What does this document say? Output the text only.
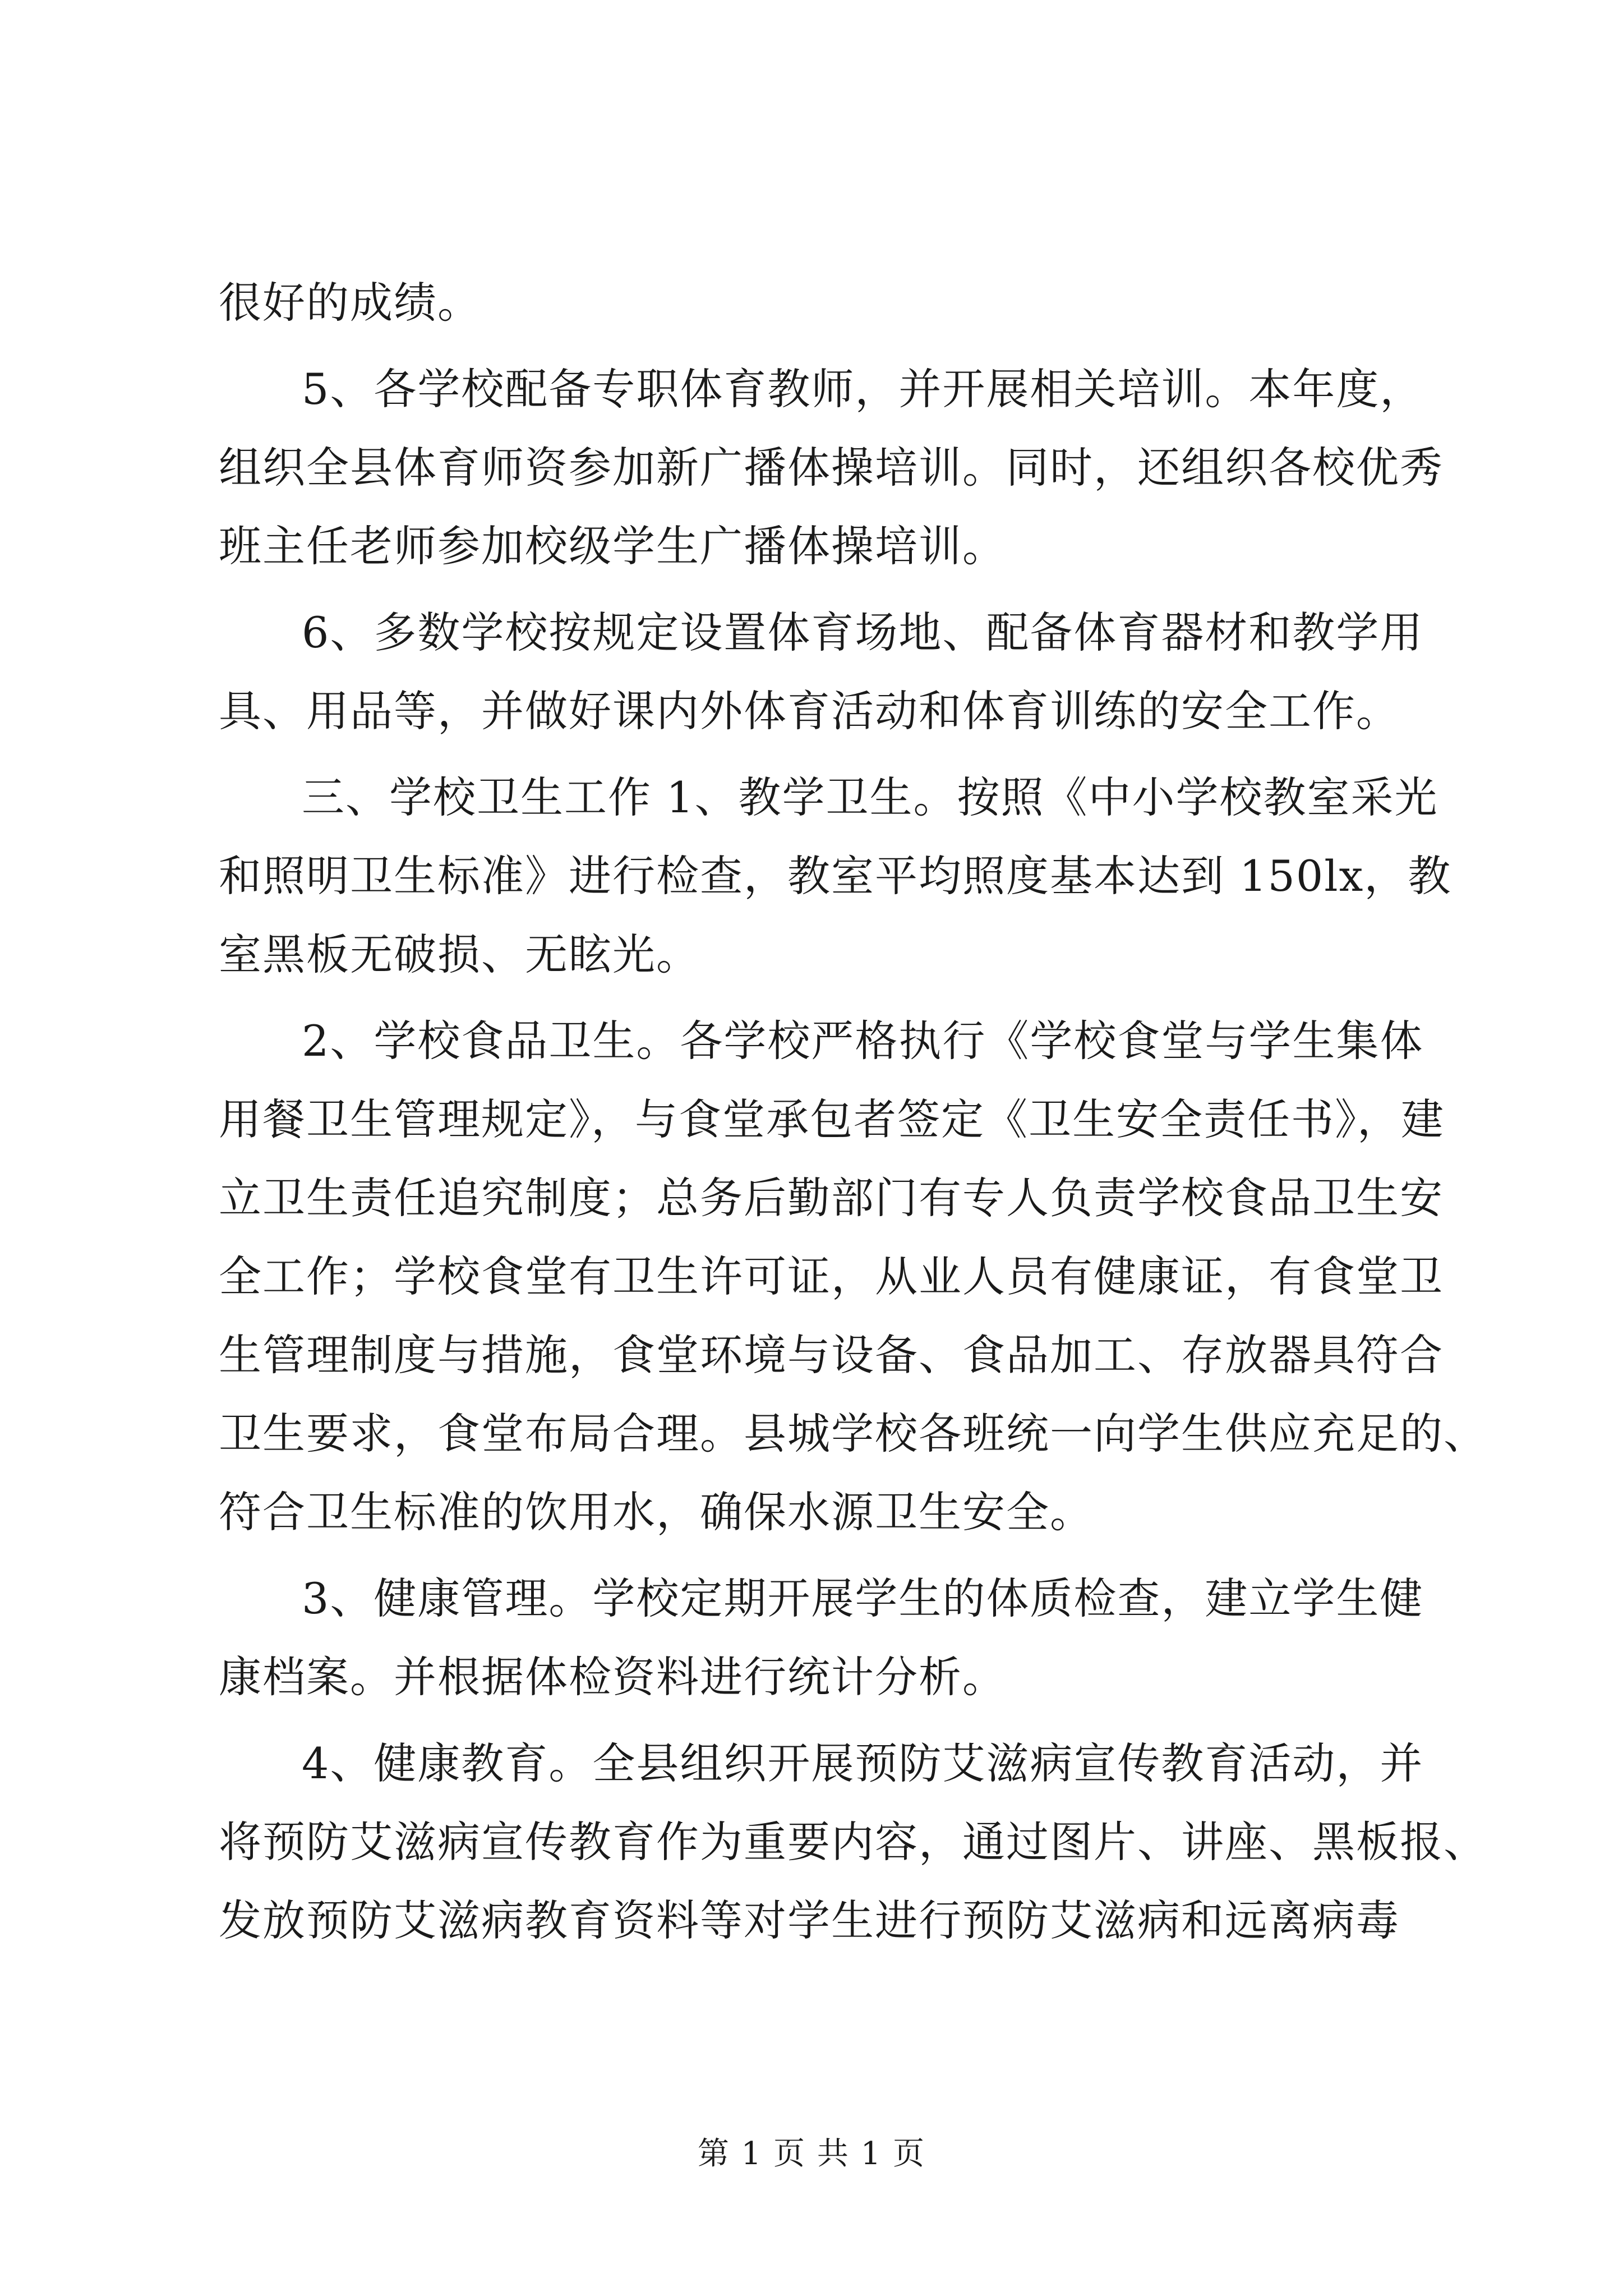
很好的成绩。
5、各学校配备专职体育教师，并开展相关培训。本年度，
组织全县体育师资参加新广播体操培训。同时，还组织各校优秀
班主任老师参加校级学生广播体操培训。
6、多数学校按规定设置体育场地、配备体育器材和教学用
具、用品等，并做好课内外体育活动和体育训练的安全工作。
三、学校卫生工作 1、教学卫生。按照《中小学校教室采光
和照明卫生标准》进行检查，教室平均照度基本达到 150lx，教
室黑板无破损、无眩光。
2、学校食品卫生。各学校严格执行《学校食堂与学生集体
用餐卫生管理规定》，与食堂承包者签定《卫生安全责任书》，建
立卫生责任追究制度；总务后勤部门有专人负责学校食品卫生安
全工作；学校食堂有卫生许可证，从业人员有健康证，有食堂卫
生管理制度与措施，食堂环境与设备、食品加工、存放器具符合
卫生要求，食堂布局合理。县城学校各班统一向学生供应充足的、
符合卫生标准的饮用水，确保水源卫生安全。
3、健康管理。学校定期开展学生的体质检查，建立学生健
康档案。并根据体检资料进行统计分析。
4、健康教育。全县组织开展预防艾滋病宣传教育活动，并
将预防艾滋病宣传教育作为重要内容，通过图片、讲座、黑板报、
发放预防艾滋病教育资料等对学生进行预防艾滋病和远离病毒
第 1 页 共 1 页
